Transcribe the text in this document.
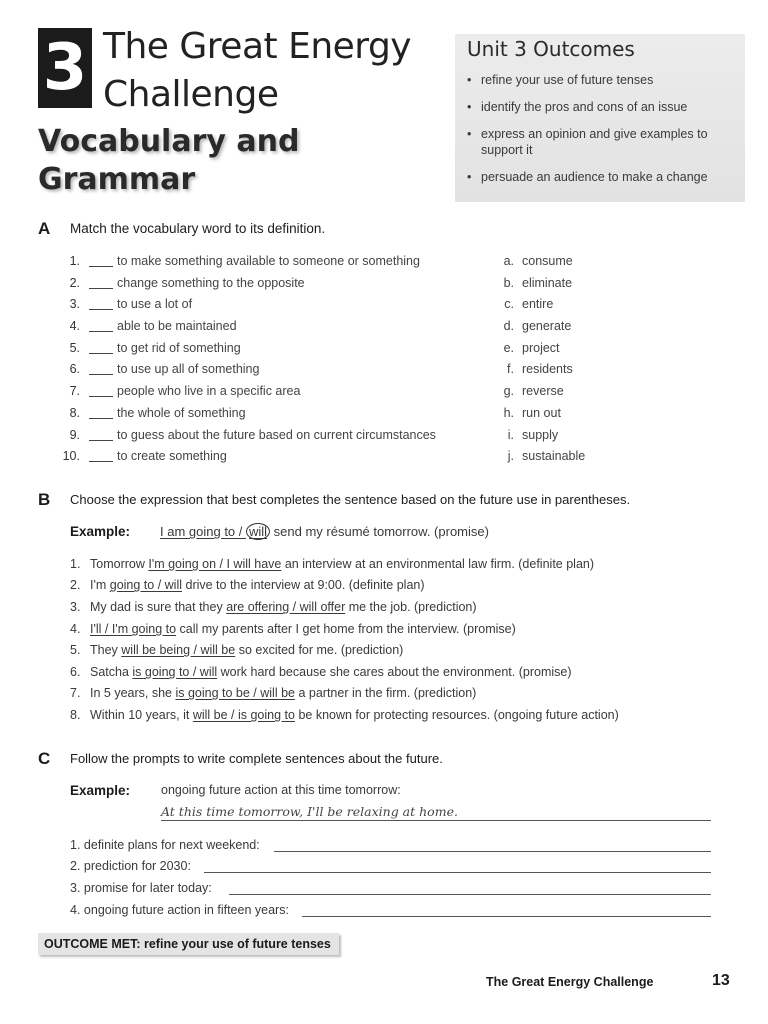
3 The Great Energy
Challenge
Vocabulary and
Grammar
Unit 3 Outcomes
• refine your use of future tenses
• identify the pros and cons of an issue
• express an opinion and give examples to support it
• persuade an audience to make a change
A Match the vocabulary word to its definition.
1.	to make something available to someone or something	a. consume
2.	change something to the opposite	b. eliminate
3.	to use a lot of	c. entire
4.	able to be maintained	d. generate
5.	to get rid of something	e. project
6.	to use up all of something	f. residents
7.	people who live in a specific area	g. reverse
8.	the whole of something	h. run out
9.	to guess about the future based on current circumstances	i. supply
10.	to create something	j. sustainable
B Choose the expression that best completes the sentence based on the future use in parentheses.
Example: I am going to / will send my résumé tomorrow. (promise)
1. Tomorrow I'm going on / I will have an interview at an environmental law firm. (definite plan)
2. I'm going to / will drive to the interview at 9:00. (definite plan)
3. My dad is sure that they are offering / will offer me the job. (prediction)
4. I'll / I'm going to call my parents after I get home from the interview. (promise)
5. They will be being / will be so excited for me. (prediction)
6. Satcha is going to / will work hard because she cares about the environment. (promise)
7. In 5 years, she is going to be / will be a partner in the firm. (prediction)
8. Within 10 years, it will be / is going to be known for protecting resources. (ongoing future action)
C Follow the prompts to write complete sentences about the future.
Example: ongoing future action at this time tomorrow:
At this time tomorrow, I'll be relaxing at home.
1. definite plans for next weekend:
2. prediction for 2030:
3. promise for later today:
4. ongoing future action in fifteen years:
OUTCOME MET: refine your use of future tenses
The Great Energy Challenge	13
